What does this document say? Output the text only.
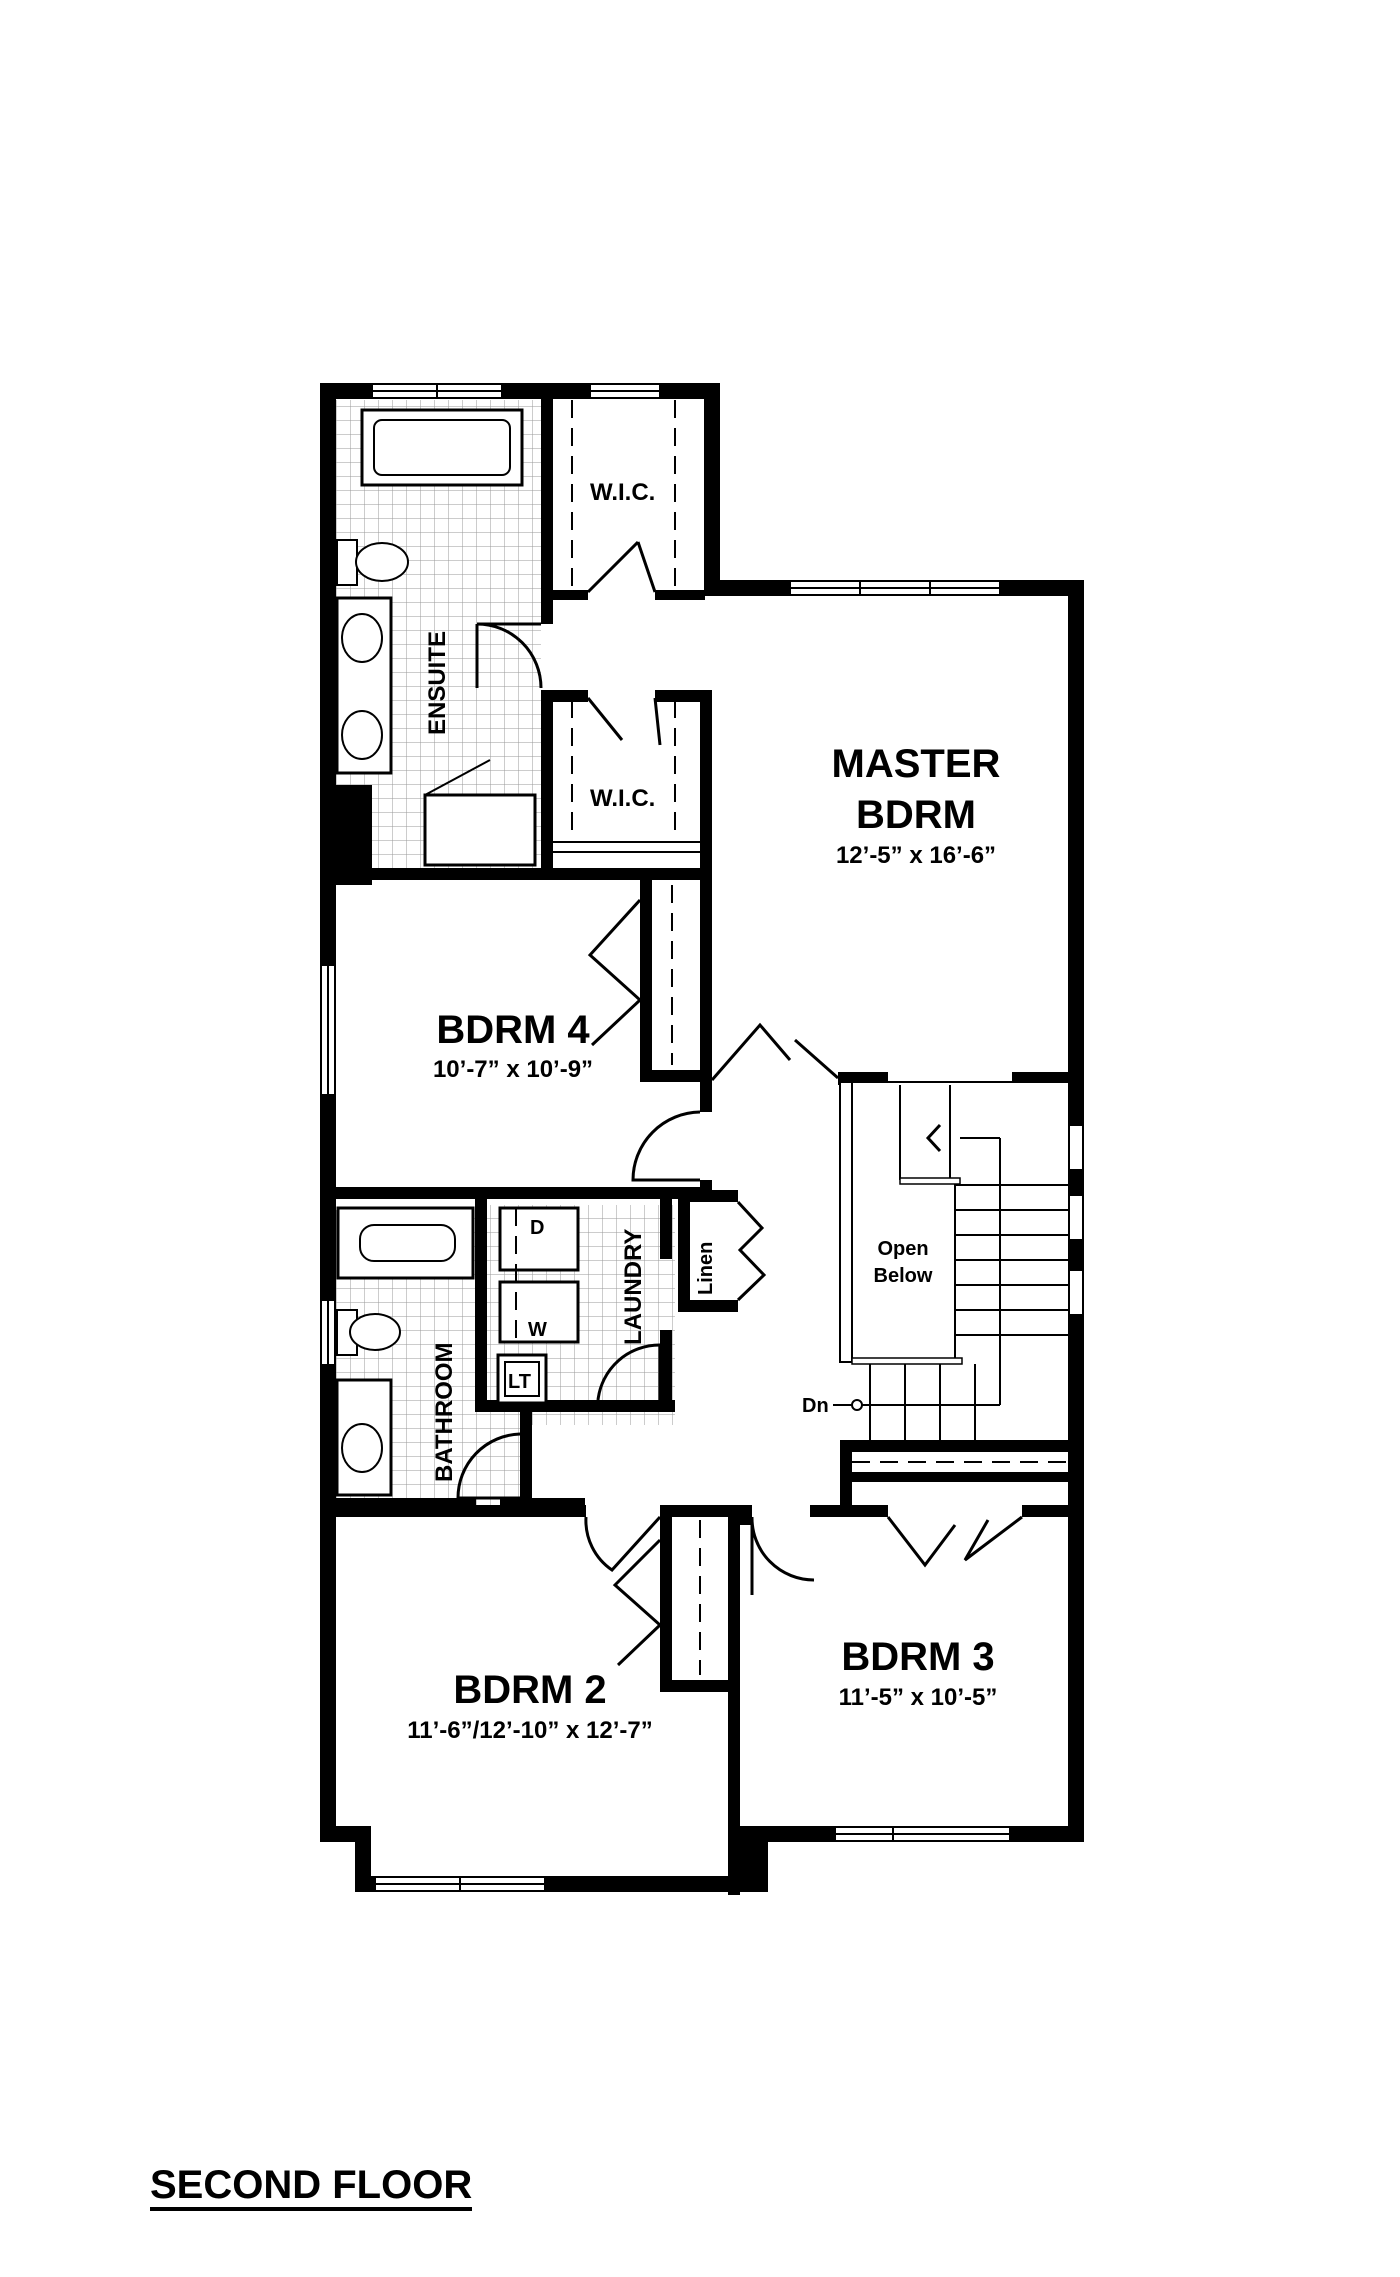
D
W
LT
W.I.C.
W.I.C.
ENSUITE
MASTER
BDRM
12’-5” x 16’-6”
BDRM 4
10’-7” x 10’-9”
LAUNDRY
BATHROOM
Linen	Open
Below
Dn
BDRM 3
11’-5” x 10’-5”
BDRM 2
11’-6”/12’-10” x 12’-7”
SECOND FLOOR
